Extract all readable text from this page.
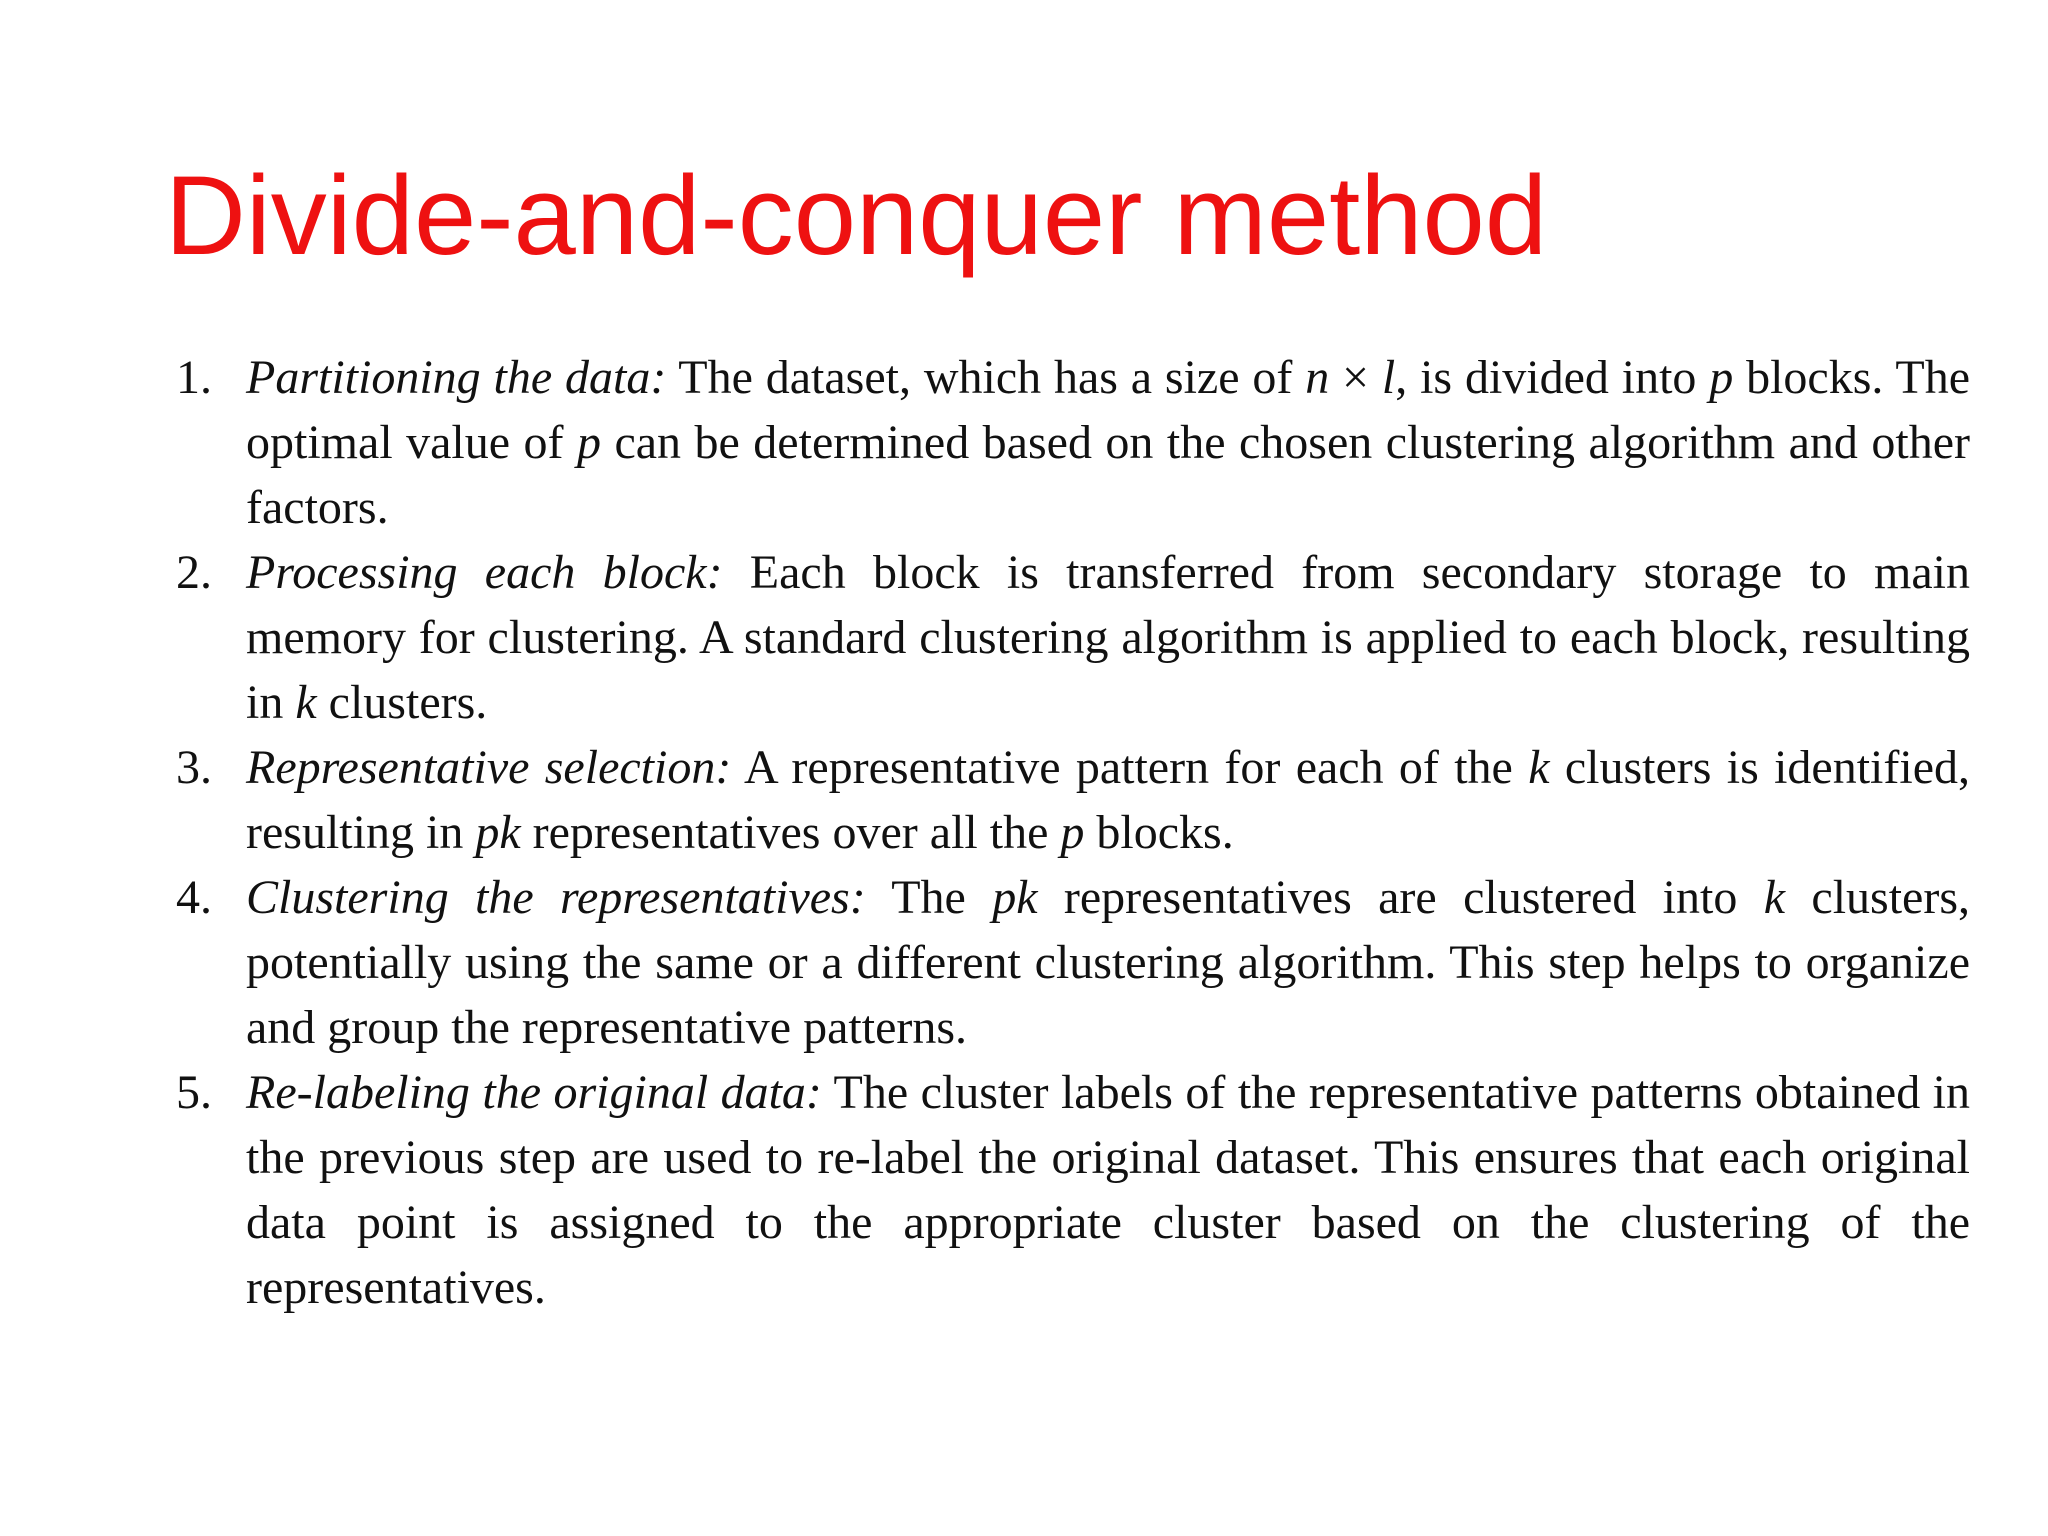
Divide-and-conquer method
1. Partitioning the data: The dataset, which has a size of n × l, is divided into p blocks. The optimal value of p can be determined based on the chosen clustering algorithm and other factors.
2. Processing each block: Each block is transferred from secondary storage to main memory for clustering. A standard clustering algorithm is applied to each block, resulting in k clusters.
3. Representative selection: A representative pattern for each of the k clusters is identified, resulting in pk representatives over all the p blocks.
4. Clustering the representatives: The pk representatives are clustered into k clusters, potentially using the same or a different clustering algorithm. This step helps to organize and group the representative patterns.
5. Re-labeling the original data: The cluster labels of the representative patterns obtained in the previous step are used to re-label the original dataset. This ensures that each original data point is assigned to the appropriate cluster based on the clustering of the representatives.
